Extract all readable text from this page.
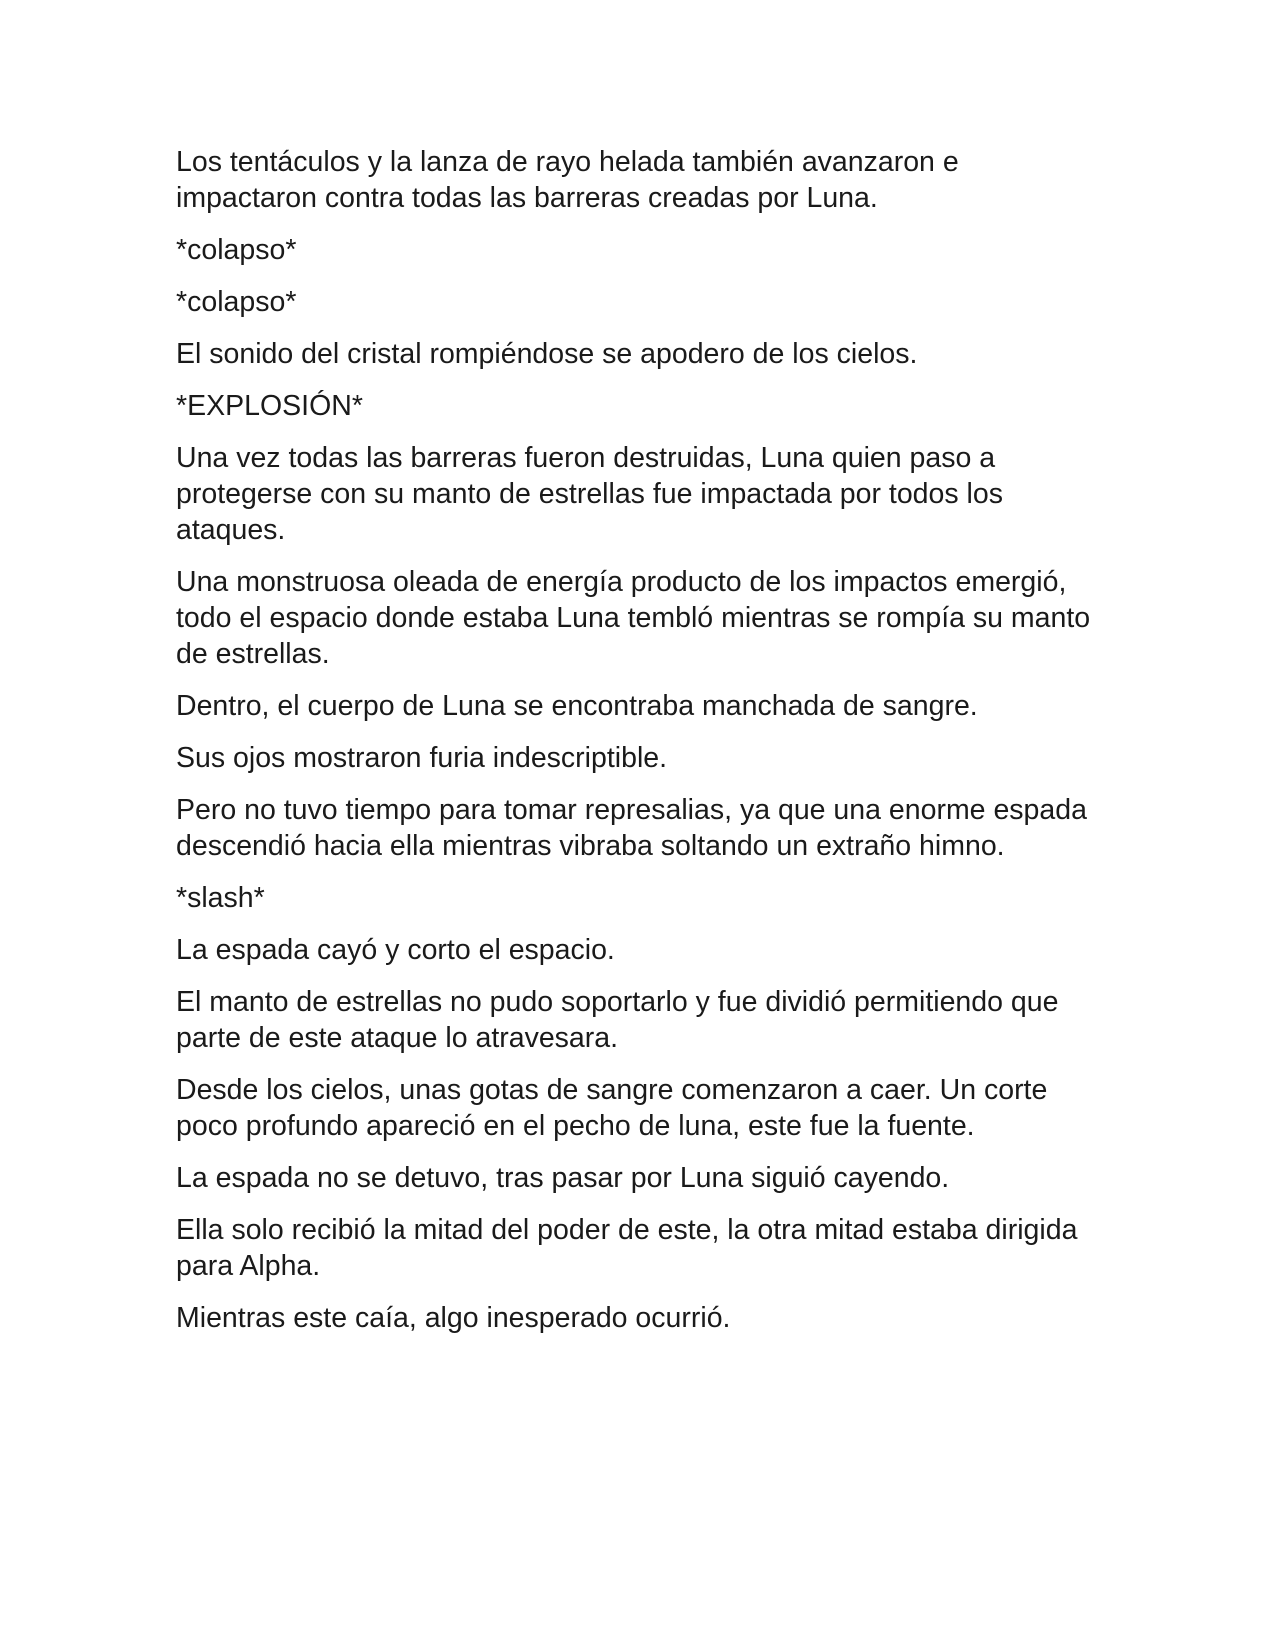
Los tentáculos y la lanza de rayo helada también avanzaron e impactaron contra todas las barreras creadas por Luna.

*colapso*

*colapso*

El sonido del cristal rompiéndose se apodero de los cielos.

*EXPLOSIÓN*

Una vez todas las barreras fueron destruidas, Luna quien paso a protegerse con su manto de estrellas fue impactada por todos los ataques.

Una monstruosa oleada de energía producto de los impactos emergió, todo el espacio donde estaba Luna tembló mientras se rompía su manto de estrellas.

Dentro, el cuerpo de Luna se encontraba manchada de sangre.

Sus ojos mostraron furia indescriptible.

Pero no tuvo tiempo para tomar represalias, ya que una enorme espada descendió hacia ella mientras vibraba soltando un extraño himno.

*slash*

La espada cayó y corto el espacio.

El manto de estrellas no pudo soportarlo y fue dividió permitiendo que parte de este ataque lo atravesara.

Desde los cielos, unas gotas de sangre comenzaron a caer. Un corte poco profundo apareció en el pecho de luna, este fue la fuente.

La espada no se detuvo, tras pasar por Luna siguió cayendo.

Ella solo recibió la mitad del poder de este, la otra mitad estaba dirigida para Alpha.

Mientras este caía, algo inesperado ocurrió.
